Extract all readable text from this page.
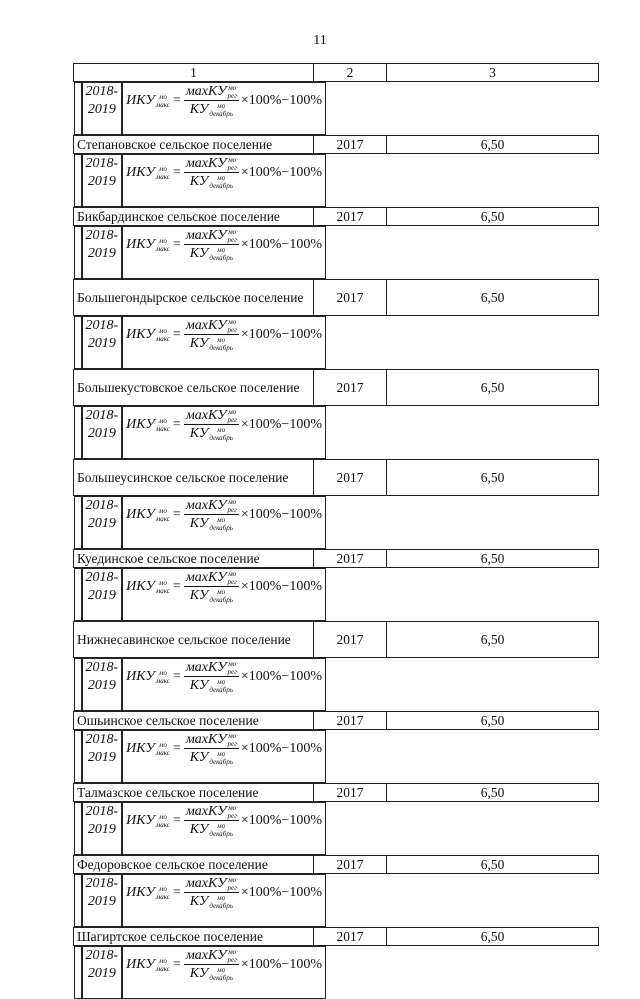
11
1	2	3

2018-
2019
ИКУ мо
макс = махКУ мо
рег
КУ	мо
декабрь ×100%−100%
Степановское сельское поселение	2017	6,50

2018-
2019
ИКУ мо
макс = махКУ мо
рег
КУ	мо
декабрь ×100%−100%
Бикбардинское сельское поселение	2017	6,50

2018-
2019
ИКУ мо
макс = махКУ мо
рег
КУ	мо
декабрь ×100%−100%
Большегондырское сельское поселение	2017	6,50

2018-
2019
ИКУ мо
макс = махКУ мо
рег
КУ	мо
декабрь ×100%−100%
Большекустовское сельское поселение	2017	6,50

2018-
2019
ИКУ мо
макс = махКУ мо
рег
КУ	мо
декабрь ×100%−100%
Большеусинское сельское поселение	2017	6,50

2018-
2019
ИКУ мо
макс = махКУ мо
рег
КУ	мо
декабрь ×100%−100%
Куединское сельское поселение	2017	6,50

2018-
2019
ИКУ мо
макс = махКУ мо
рег
КУ	мо
декабрь ×100%−100%
Нижнесавинское сельское поселение	2017	6,50

2018-
2019
ИКУ мо
макс = махКУ мо
рег
КУ	мо
декабрь ×100%−100%
Ошьинское сельское поселение	2017	6,50

2018-
2019
ИКУ мо
макс = махКУ мо
рег
КУ	мо
декабрь ×100%−100%
Талмазское сельское поселение	2017	6,50

2018-
2019
ИКУ мо
макс = махКУ мо
рег
КУ	мо
декабрь ×100%−100%
Федоровское сельское поселение	2017	6,50

2018-
2019
ИКУ мо
макс = махКУ мо
рег
КУ	мо
декабрь ×100%−100%
Шагиртское сельское поселение	2017	6,50

2018-
2019
ИКУ мо
макс = махКУ мо
рег
КУ	мо
декабрь ×100%−100%
